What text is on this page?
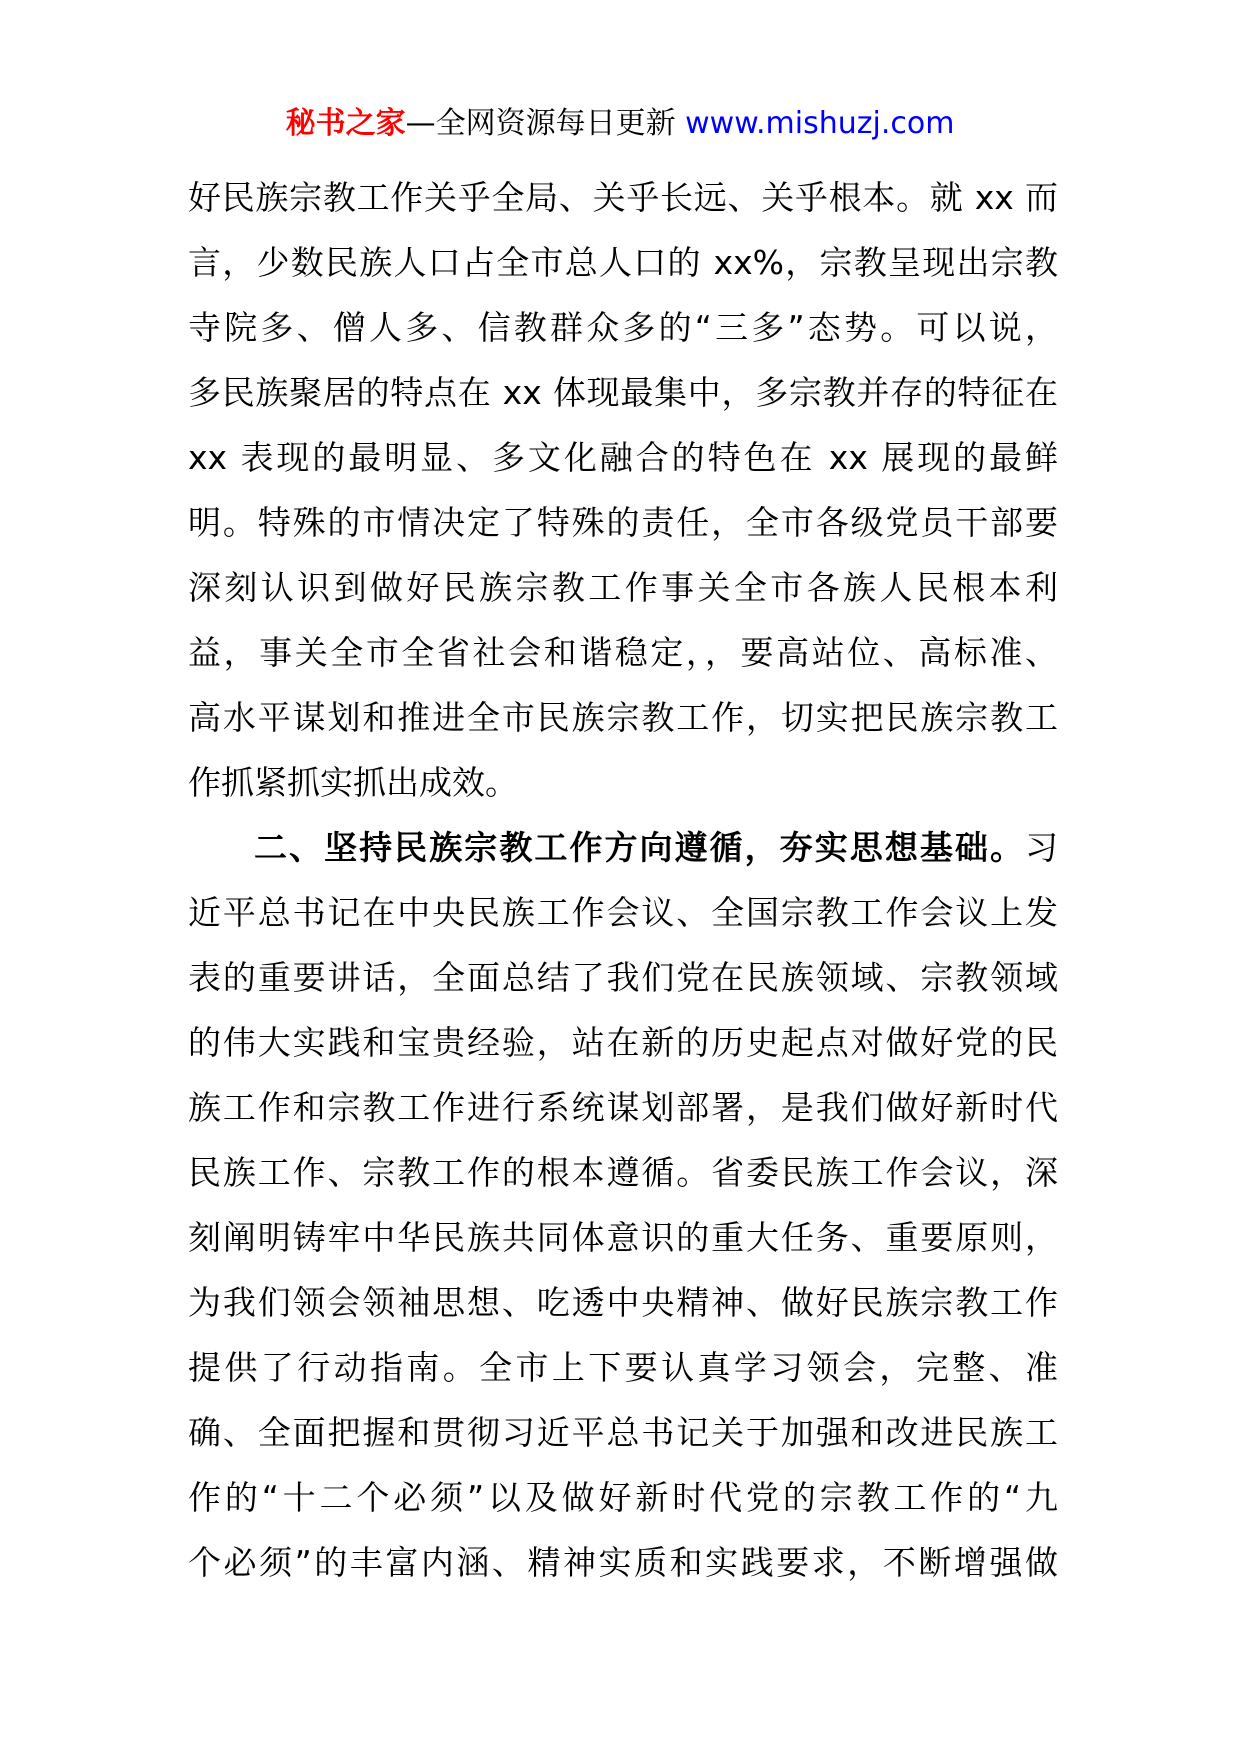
秘书之家—全网资源每日更新 www.mishuzj.com
好民族宗教工作关乎全局、关乎长远、关乎根本。就 xx 而
言，少数民族人口占全市总人口的 xx%，宗教呈现出宗教
寺院多、僧人多、信教群众多的“三多”态势。可以说，
多民族聚居的特点在 xx 体现最集中，多宗教并存的特征在
xx 表现的最明显、多文化融合的特色在 xx 展现的最鲜
明。特殊的市情决定了特殊的责任，全市各级党员干部要
深刻认识到做好民族宗教工作事关全市各族人民根本利
益，事关全市全省社会和谐稳定，，要高站位、高标准、
高水平谋划和推进全市民族宗教工作，切实把民族宗教工
作抓紧抓实抓出成效。
二、坚持民族宗教工作方向遵循，夯实思想基础。习
近平总书记在中央民族工作会议、全国宗教工作会议上发
表的重要讲话，全面总结了我们党在民族领域、宗教领域
的伟大实践和宝贵经验，站在新的历史起点对做好党的民
族工作和宗教工作进行系统谋划部署，是我们做好新时代
民族工作、宗教工作的根本遵循。省委民族工作会议，深
刻阐明铸牢中华民族共同体意识的重大任务、重要原则，
为我们领会领袖思想、吃透中央精神、做好民族宗教工作
提供了行动指南。全市上下要认真学习领会，完整、准
确、全面把握和贯彻习近平总书记关于加强和改进民族工
作的“十二个必须”以及做好新时代党的宗教工作的“九
个必须”的丰富内涵、精神实质和实践要求，不断增强做
